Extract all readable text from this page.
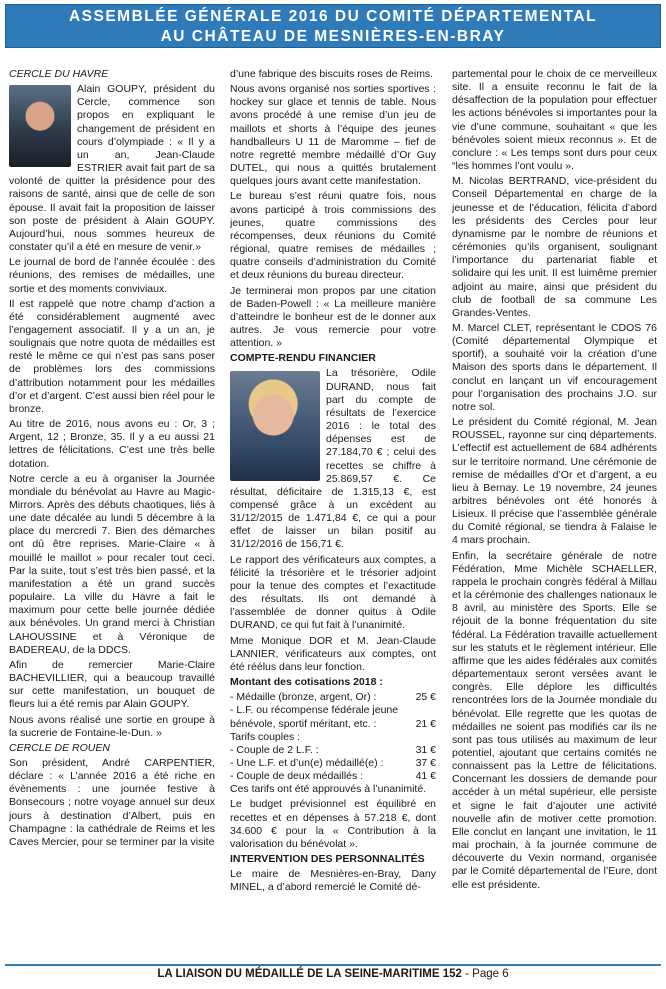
ASSEMBLÉE GÉNÉRALE 2016 DU COMITÉ DÉPARTEMENTAL
AU CHÂTEAU DE MESNIÈRES-EN-BRAY
CERCLE DU HAVRE

Alain GOUPY, président du Cercle, commence son propos en expliquant le changement de président en cours d’olympiade : « Il y a un an, Jean-Claude ESTRIER avait fait part de sa volonté de quitter la présidence pour des raisons de santé, ainsi que de celle de son épouse. Il avait fait la proposition de laisser son poste de président à Alain GOUPY. Aujourd’hui, nous sommes heureux de constater qu’il a été en mesure de venir.»

Le journal de bord de l’année écoulée : des réunions, des remises de médailles, une sortie et des moments conviviaux.

Il est rappelé que notre champ d’action a été considérablement augmenté avec l’engagement associatif. Il y a un an, je soulignais que notre quota de médailles est resté le même ce qui n’est pas sans poser de problèmes lors des commissions d’attribution notamment pour les médailles d’or et d’argent. C’est aussi bien réel pour le bronze.

Au titre de 2016, nous avons eu : Or, 3 ; Argent, 12 ; Bronze, 35. Il y a eu aussi 21 lettres de félicitations. C’est une très belle dotation.

Notre cercle a eu à organiser la Journée mondiale du bénévolat au Havre au Magic-Mirrors. Après des débuts chaotiques, liés à une date décalée au lundi 5 décembre à la place du mercredi 7. Bien des démarches ont dû être reprises. Marie-Claire « à mouillé le maillot » pour recaler tout ceci. Par la suite, tout s’est très bien passé, et la manifestation a été un grand succès populaire. La ville du Havre a fait le maximum pour cette belle journée dédiée aux bénévoles. Un grand merci à Christian LAHOUSSINE et à Véronique de BADEREAU, de la DDCS.

Afin de remercier Marie-Claire BACHEVILLIER, qui a beaucoup travaillé sur cette manifestation, un bouquet de fleurs lui a été remis par Alain GOUPY.

Nous avons réalisé une sortie en groupe à la sucrerie de Fontaine-le-Dun. »

CERCLE DE ROUEN

Son président, André CARPENTIER, déclare : « L’année 2016 a été riche en évènements : une journée festive à Bonsecours ; notre voyage annuel sur deux jours à destination d’Albert, puis en Champagne : la cathédrale de Reims et les Caves Mercier, pour se terminer par la visite

d’une fabrique des biscuits roses de Reims.

Nous avons organisé nos sorties sportives : hockey sur glace et tennis de table. Nous avons procédé à une remise d’un jeu de maillots et shorts à l’équipe des jeunes handballeurs U 11 de Maromme – fief de notre regretté membre médaillé d’Or Guy DUTEL, qui nous a quittés brutalement quelques jours avant cette manifestation.

Le bureau s’est réuni quatre fois, nous avons participé à trois commissions des jeunes, quatre commissions des récompenses, deux réunions du Comité régional, quatre remises de médailles ; quatre conseils d’administration du Comité et deux réunions du bureau directeur.

Je terminerai mon propos par une citation de Baden-Powell : « La meilleure manière d’atteindre le bonheur est de le donner aux autres. Je vous remercie pour votre attention. »

COMPTE-RENDU FINANCIER

La trésorière, Odile DURAND, nous fait part du compte de résultats de l’exercice 2016 : le total des dépenses est de 27.184,70 € ; celui des recettes se chiffre à 25.869,57 €. Ce résultat, déficitaire de 1.315,13 €, est compensé grâce à un excédent au 31/12/2015 de 1.471,84 €, ce qui a pour effet de laisser un bilan positif au 31/12/2016 de 156,71 €.

Le rapport des vérificateurs aux comptes, a félicité la trésorière et le trésorier adjoint pour la tenue des comptes et l’exactitude des résultats. Ils ont demandé à l’assemblée de donner quitus à Odile DURAND, ce qui fut fait à l’unanimité.

Mme Monique DOR et M. Jean-Claude LANNIER, vérificateurs aux comptes, ont été réélus dans leur fonction.

Montant des cotisations 2018 :
- Médaille (bronze, argent, Or) :	25 €
- L.F. ou récompense fédérale jeune bénévole, sportif méritant, etc. :	21 €
Tarifs couples :
- Couple de 2 L.F. :	31 €
- Une L.F. et d’un(e) médaillé(e) :	37 €
- Couple de deux médaillés :	41 €

Ces tarifs ont été approuvés à l’unanimité.

Le budget prévisionnel est équilibré en recettes et en dépenses à 57.218 €, dont 34.600 € pour la « Contribution à la valorisation du bénévolat ».

INTERVENTION DES PERSONNALITÉS

Le maire de Mesnières-en-Bray, Dany MINEL, a d’abord remercié le Comité dé-

partemental pour le choix de ce merveilleux site. Il a ensuite reconnu le fait de la désaffection de la population pour effectuer les actions bénévoles si importantes pour la vie d’une commune, souhaitant « que les bénévoles soient mieux reconnus ». Et de conclure : « Les temps sont durs pour ceux “les hommes l’ont voulu ».

M. Nicolas BERTRAND, vice-président du Conseil Départemental en charge de la jeunesse et de l’éducation, félicita d’abord les présidents des Cercles pour leur dynamisme par le nombre de réunions et cérémonies qu’ils organisent, soulignant l’importance du partenariat fiable et solidaire qui les unit. Il est luimême premier adjoint au maire, ainsi que président du club de football de sa commune Les Grandes-Ventes.

M. Marcel CLET, représentant le CDOS 76 (Comité départemental Olympique et sportif), a souhaité voir la création d’une Maison des sports dans le département. Il conclut en lançant un vif encouragement pour l’organisation des prochains J.O. sur notre sol.

Le président du Comité régional, M. Jean ROUSSEL, rayonne sur cinq départements. L’effectif est actuellement de 684 adhérents sur le territoire normand. Une cérémonie de remise de médailles d’Or et d’argent, a eu lieu à Bernay. Le 19 novembre, 24 jeunes arbitres bénévoles ont été honorés à Lisieux. Il précise que l’assemblée générale du Comité régional, se tiendra à Falaise le 4 mars prochain.

Enfin, la secrétaire générale de notre Fédération, Mme Michèle SCHAELLER, rappela le prochain congrès fédéral à Millau et la cérémonie des challenges nationaux le 8 avril, au ministère des Sports. Elle se réjouit de la bonne fréquentation du site fédéral. La Fédération travaille actuellement sur les statuts et le règlement intérieur. Elle affirme que les aides fédérales aux comités départementaux seront versées avant le congrès. Elle déplore les difficultés rencontrées lors de la Journée mondiale du bénévolat. Elle regrette que les quotas de médailles ne soient pas modifiés car ils ne sont pas tous utilisés au maximum de leur potentiel, ajoutant que certains comités ne connaissent pas la Lettre de félicitations. Concernant les dossiers de demande pour accéder à un métal supérieur, elle persiste et signe le fait d’ajouter une activité nouvelle afin de motiver cette promotion. Elle conclut en lançant une invitation, le 11 mai prochain, à la journée commune de découverte du Vexin normand, organisée par le Comité départemental de l’Eure, dont elle est présidente.

LA LIAISON DU MÉDAILLÉ DE LA SEINE-MARITIME 152 - Page 6
